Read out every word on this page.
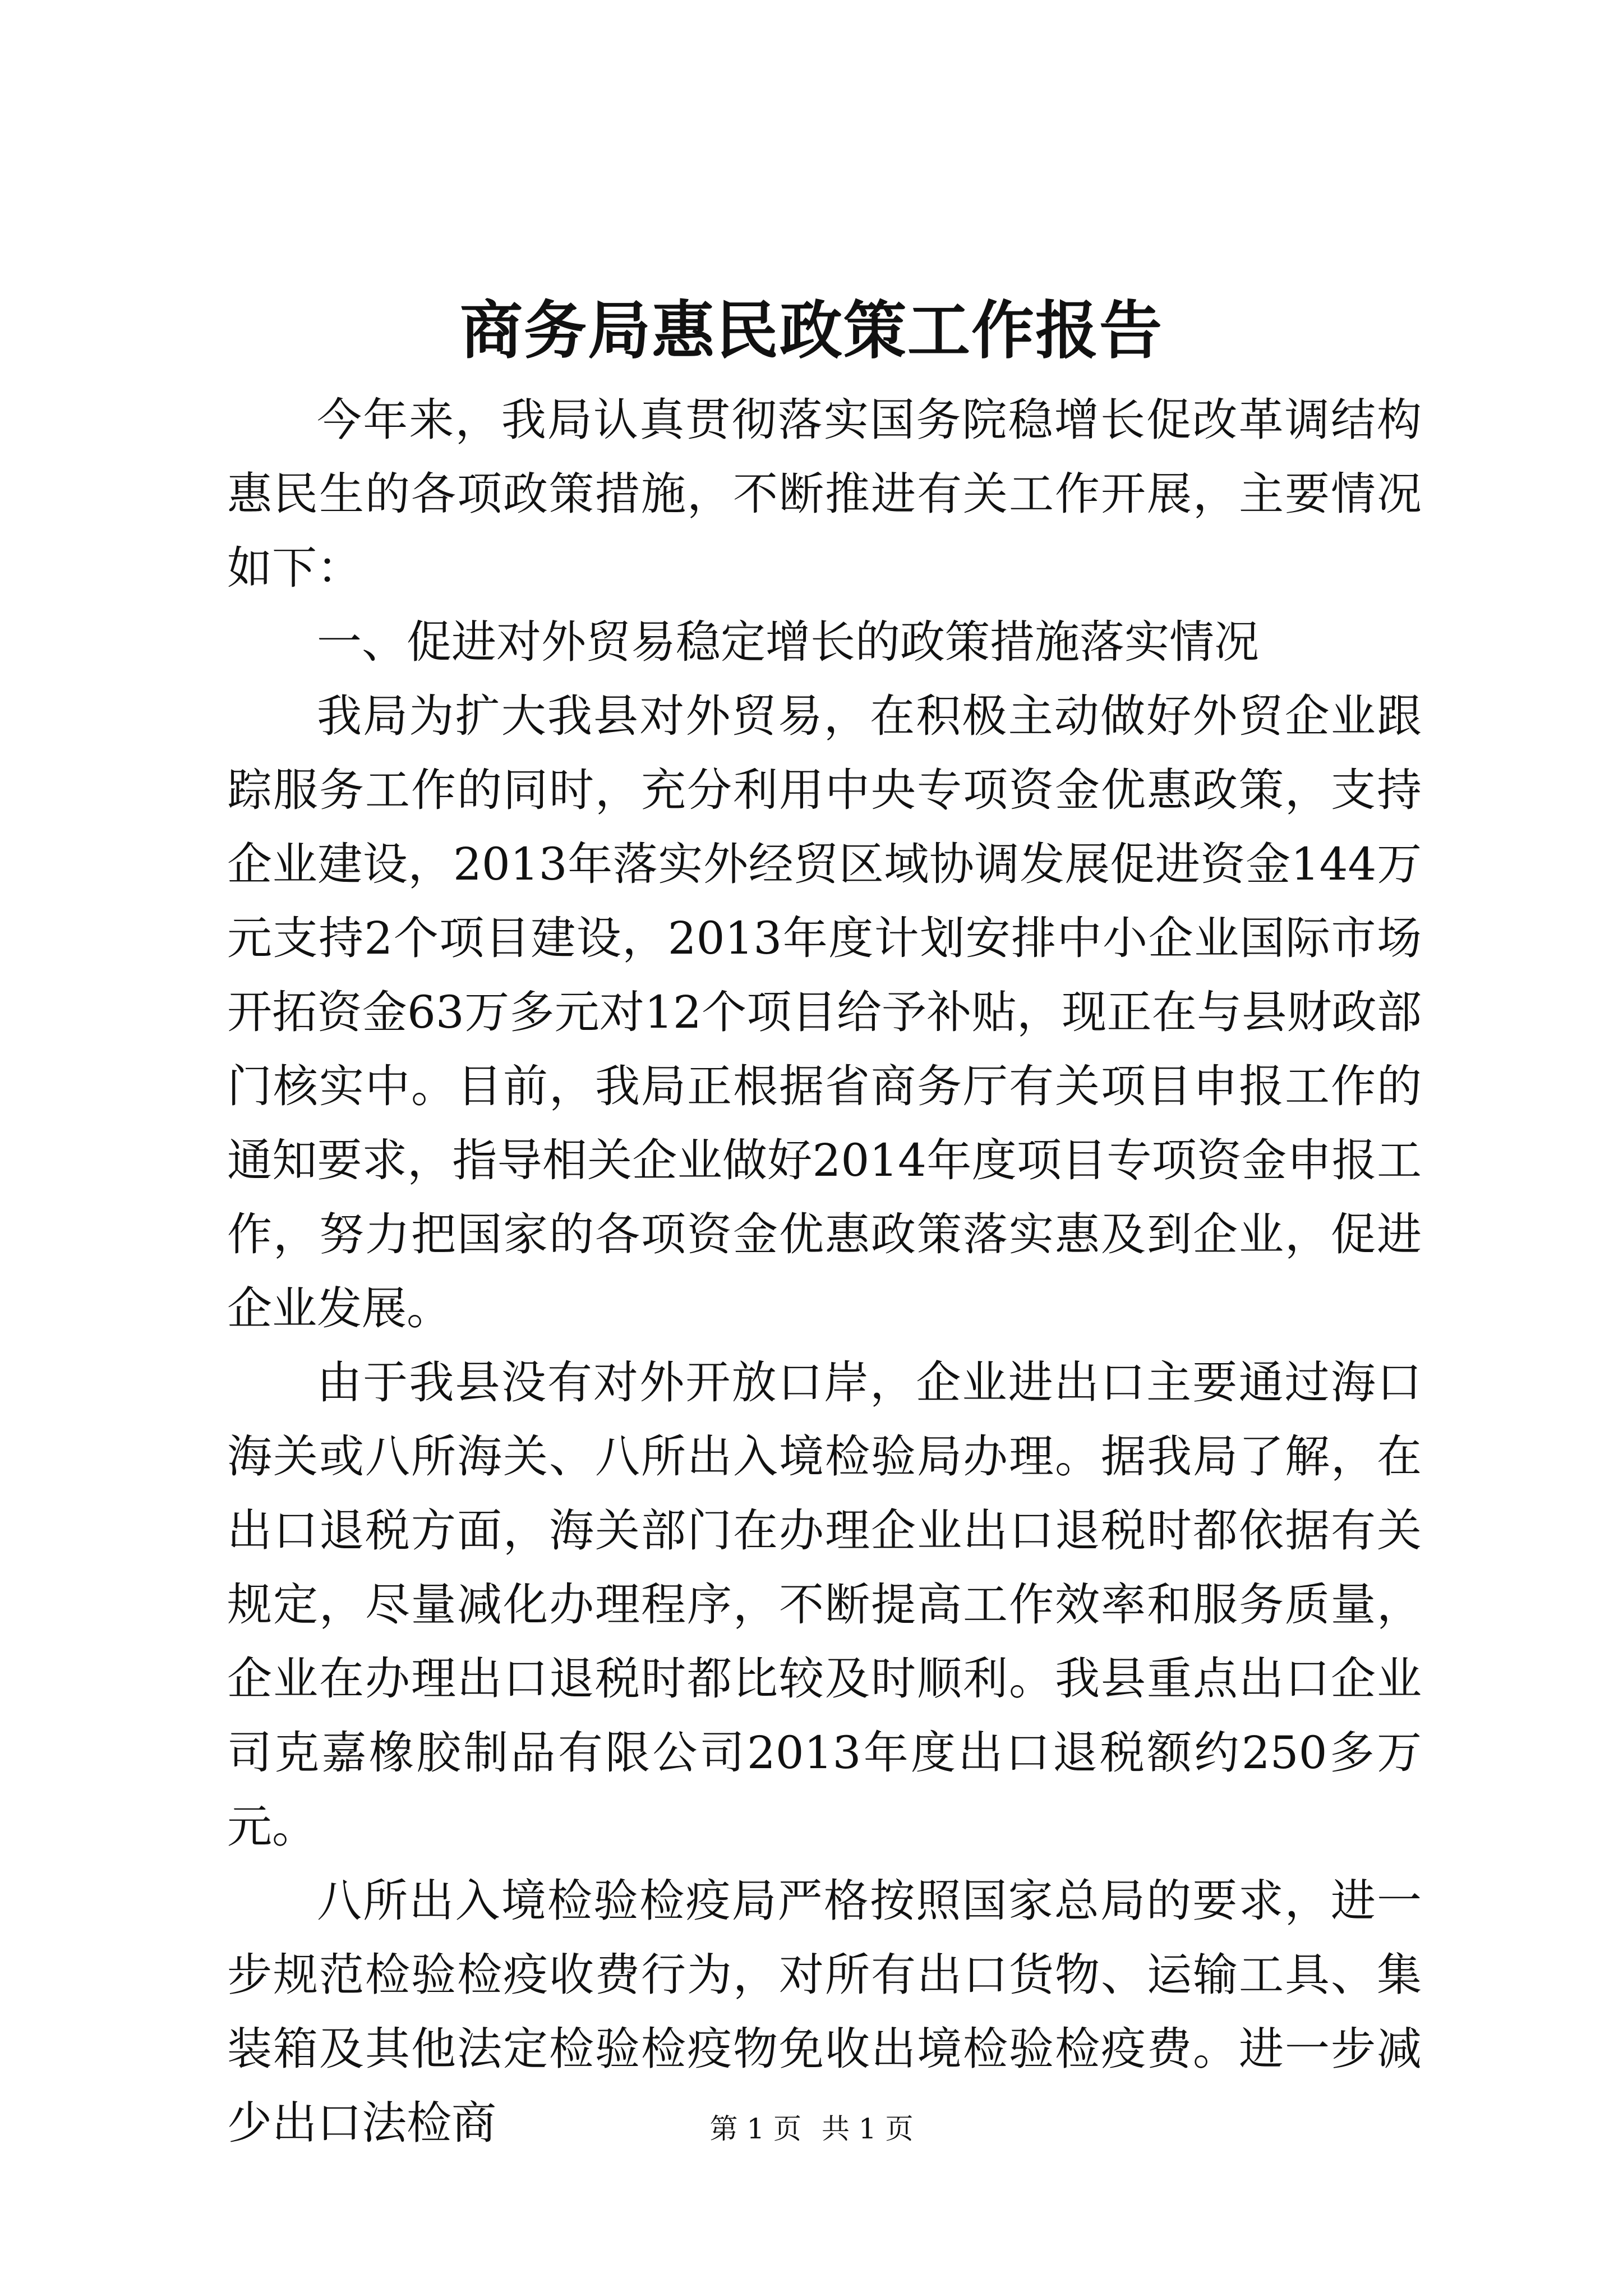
商务局惠民政策工作报告

今年来，我局认真贯彻落实国务院稳增长促改革调结构惠民生的各项政策措施，不断推进有关工作开展，主要情况如下：

一、促进对外贸易稳定增长的政策措施落实情况

我局为扩大我县对外贸易，在积极主动做好外贸企业跟踪服务工作的同时，充分利用中央专项资金优惠政策，支持企业建设，2013年落实外经贸区域协调发展促进资金144万元支持2个项目建设，2013年度计划安排中小企业国际市场开拓资金63万多元对12个项目给予补贴，现正在与县财政部门核实中。目前，我局正根据省商务厅有关项目申报工作的通知要求，指导相关企业做好2014年度项目专项资金申报工作，努力把国家的各项资金优惠政策落实惠及到企业，促进企业发展。

由于我县没有对外开放口岸，企业进出口主要通过海口海关或八所海关、八所出入境检验局办理。据我局了解，在出口退税方面，海关部门在办理企业出口退税时都依据有关规定，尽量减化办理程序，不断提高工作效率和服务质量，企业在办理出口退税时都比较及时顺利。我县重点出口企业司克嘉橡胶制品有限公司2013年度出口退税额约250多万元。

八所出入境检验检疫局严格按照国家总局的要求，进一步规范检验检疫收费行为，对所有出口货物、运输工具、集装箱及其他法定检验检疫物免收出境检验检疫费。进一步减少出口法检商	第 1 页 共 1 页
